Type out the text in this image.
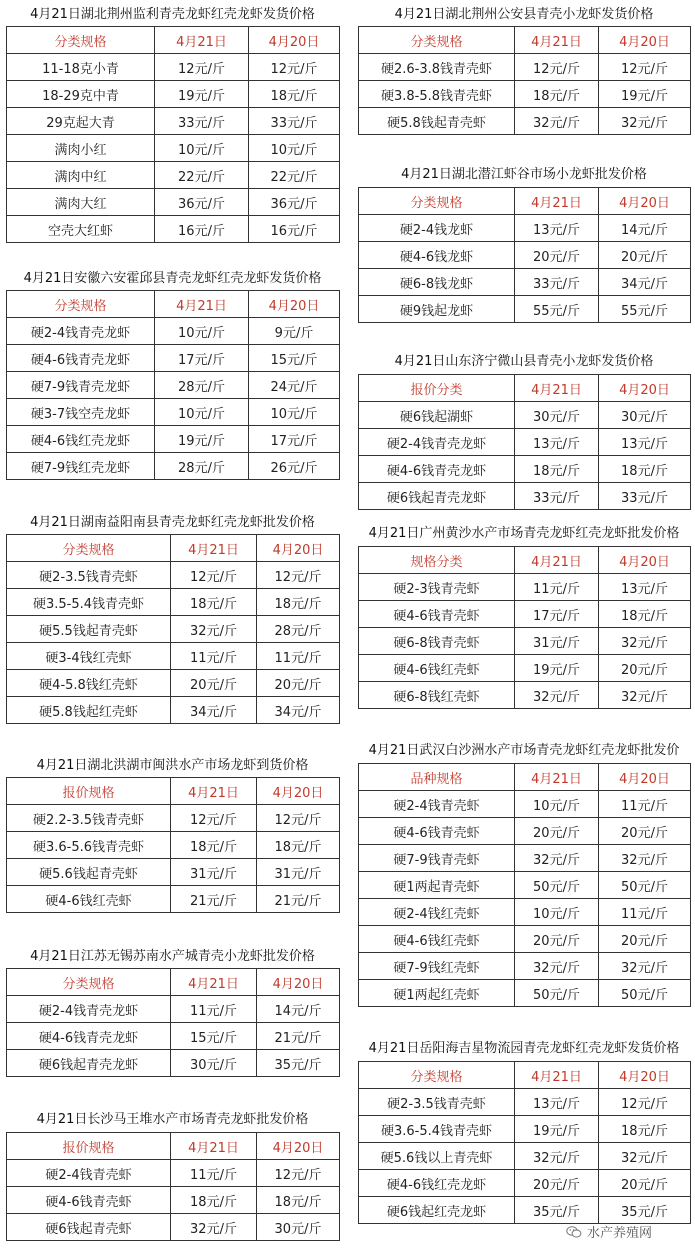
4月21日湖北荆州监利青壳龙虾红壳龙虾发货价格
分类规格	4月21日	4月20日
11-18克小青	12元/斤	12元/斤
18-29克中青	19元/斤	18元/斤
29克起大青	33元/斤	33元/斤
满肉小红	10元/斤	10元/斤
满肉中红	22元/斤	22元/斤
满肉大红	36元/斤	36元/斤
空壳大红虾	16元/斤	16元/斤
4月21日安徽六安霍邱县青壳龙虾红壳龙虾发货价格
分类规格	4月21日	4月20日
硬2-4钱青壳龙虾	10元/斤	9元/斤
硬4-6钱青壳龙虾	17元/斤	15元/斤
硬7-9钱青壳龙虾	28元/斤	24元/斤
硬3-7钱空壳龙虾	10元/斤	10元/斤
硬4-6钱红壳龙虾	19元/斤	17元/斤
硬7-9钱红壳龙虾	28元/斤	26元/斤
4月21日湖南益阳南县青壳龙虾红壳龙虾批发价格
分类规格	4月21日	4月20日
硬2-3.5钱青壳虾	12元/斤	12元/斤
硬3.5-5.4钱青壳虾	18元/斤	18元/斤
硬5.5钱起青壳虾	32元/斤	28元/斤
硬3-4钱红壳虾	11元/斤	11元/斤
硬4-5.8钱红壳虾	20元/斤	20元/斤
硬5.8钱起红壳虾	34元/斤	34元/斤
4月21日湖北洪湖市闽洪水产市场龙虾到货价格
报价规格	4月21日	4月20日
硬2.2-3.5钱青壳虾	12元/斤	12元/斤
硬3.6-5.6钱青壳虾	18元/斤	18元/斤
硬5.6钱起青壳虾	31元/斤	31元/斤
硬4-6钱红壳虾	21元/斤	21元/斤
4月21日江苏无锡苏南水产城青壳小龙虾批发价格
分类规格	4月21日	4月20日
硬2-4钱青壳龙虾	11元/斤	14元/斤
硬4-6钱青壳龙虾	15元/斤	21元/斤
硬6钱起青壳龙虾	30元/斤	35元/斤
4月21日长沙马王堆水产市场青壳龙虾批发价格
报价规格	4月21日	4月20日
硬2-4钱青壳虾	11元/斤	12元/斤
硬4-6钱青壳虾	18元/斤	18元/斤
硬6钱起青壳虾	32元/斤	30元/斤
4月21日湖北荆州公安县青壳小龙虾发货价格
分类规格	4月21日	4月20日
硬2.6-3.8钱青壳虾	12元/斤	12元/斤
硬3.8-5.8钱青壳虾	18元/斤	19元/斤
硬5.8钱起青壳虾	32元/斤	32元/斤
4月21日湖北潜江虾谷市场小龙虾批发价格
分类规格	4月21日	4月20日
硬2-4钱龙虾	13元/斤	14元/斤
硬4-6钱龙虾	20元/斤	20元/斤
硬6-8钱龙虾	33元/斤	34元/斤
硬9钱起龙虾	55元/斤	55元/斤
4月21日山东济宁微山县青壳小龙虾发货价格
报价分类	4月21日	4月20日
硬6钱起湖虾	30元/斤	30元/斤
硬2-4钱青壳龙虾	13元/斤	13元/斤
硬4-6钱青壳龙虾	18元/斤	18元/斤
硬6钱起青壳龙虾	33元/斤	33元/斤
4月21日广州黄沙水产市场青壳龙虾红壳龙虾批发价格
规格分类	4月21日	4月20日
硬2-3钱青壳虾	11元/斤	13元/斤
硬4-6钱青壳虾	17元/斤	18元/斤
硬6-8钱青壳虾	31元/斤	32元/斤
硬4-6钱红壳虾	19元/斤	20元/斤
硬6-8钱红壳虾	32元/斤	32元/斤
4月21日武汉白沙洲水产市场青壳龙虾红壳龙虾批发价
品种规格	4月21日	4月20日
硬2-4钱青壳虾	10元/斤	11元/斤
硬4-6钱青壳虾	20元/斤	20元/斤
硬7-9钱青壳虾	32元/斤	32元/斤
硬1两起青壳虾	50元/斤	50元/斤
硬2-4钱红壳虾	10元/斤	11元/斤
硬4-6钱红壳虾	20元/斤	20元/斤
硬7-9钱红壳虾	32元/斤	32元/斤
硬1两起红壳虾	50元/斤	50元/斤
4月21日岳阳海吉星物流园青壳龙虾红壳龙虾发货价格
分类规格	4月21日	4月20日
硬2-3.5钱青壳虾	13元/斤	12元/斤
硬3.6-5.4钱青壳虾	19元/斤	18元/斤
硬5.6钱以上青壳虾	32元/斤	32元/斤
硬4-6钱红壳龙虾	20元/斤	20元/斤
硬6钱起红壳龙虾	35元/斤	35元/斤
水产养殖网
